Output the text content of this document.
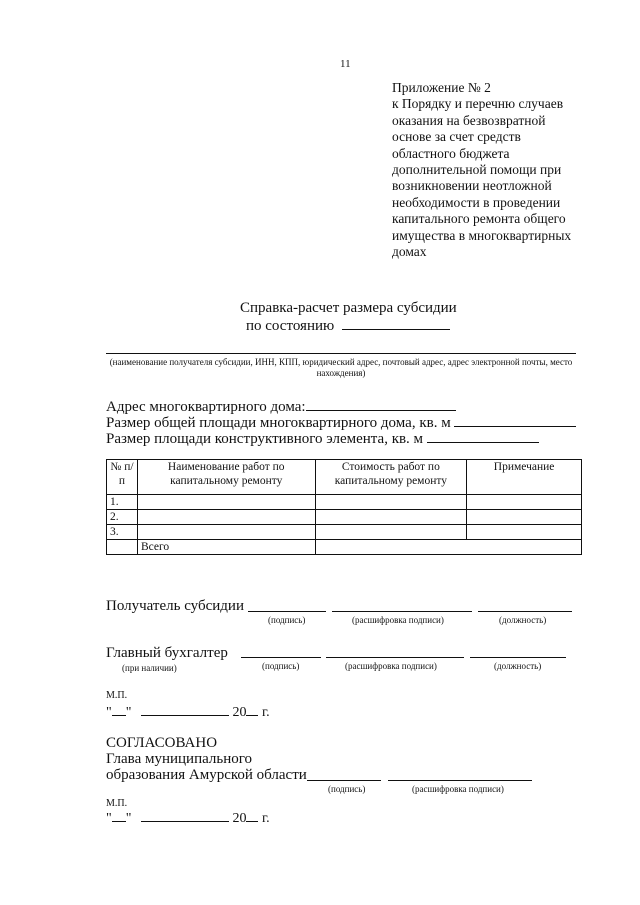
11
Приложение № 2
к Порядку и перечню случаев
оказания на безвозвратной
основе за счет средств
областного бюджета
дополнительной помощи при
возникновении неотложной
необходимости в проведении
капитального ремонта общего
имущества в многоквартирных
домах
Справка-расчет размера субсидии
по состоянию
(наименование получателя субсидии, ИНН, КПП, юридический адрес, почтовый адрес, адрес электронной почты, место нахождения)
Адрес многоквартирного дома:
Размер общей площади многоквартирного дома, кв. м
Размер площади конструктивного элемента, кв. м
№ п/п	Наименование работ по капитальному ремонту	Стоимость работ по капитальному ремонту	Примечание
1.			
2.			
3.			
	Всего		
Получатель субсидии
(подпись)	(расшифровка подписи)	(должность)
Главный бухгалтер
(при наличии)	(подпись)	(расшифровка подписи)	(должность)
М.П.
" "	20 г.
СОГЛАСОВАНО
Глава муниципального
образования Амурской области
(подпись)	(расшифровка подписи)
М.П.
" "	20 г.
